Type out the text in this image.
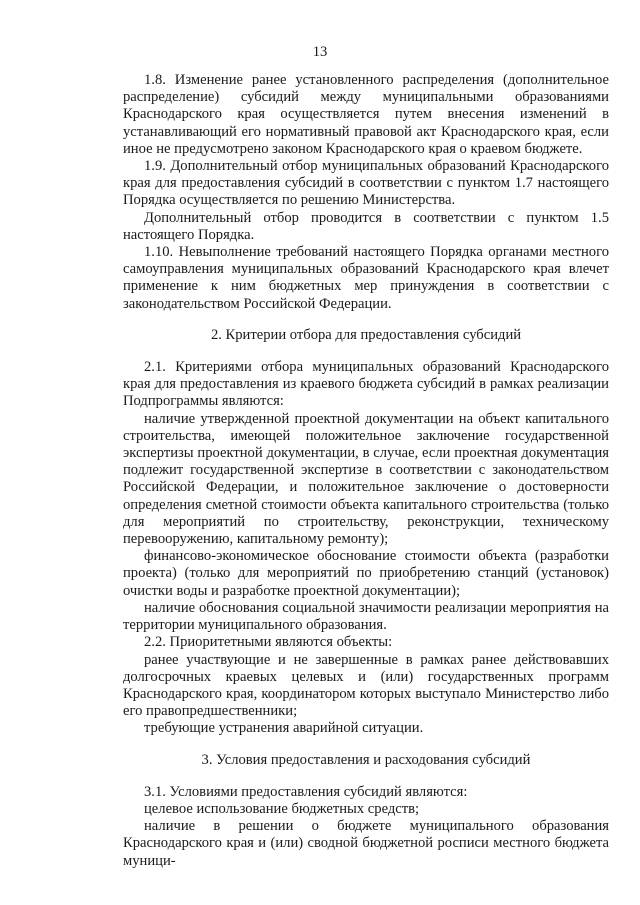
13

1.8. Изменение ранее установленного распределения (дополнительное распределение) субсидий между муниципальными образованиями Краснодарского края осуществляется путем внесения изменений в устанавливающий его нормативный правовой акт Краснодарского края, если иное не предусмотрено законом Краснодарского края о краевом бюджете.

1.9. Дополнительный отбор муниципальных образований Краснодарского края для предоставления субсидий в соответствии с пунктом 1.7 настоящего Порядка осуществляется по решению Министерства.

Дополнительный отбор проводится в соответствии с пунктом 1.5 настоящего Порядка.

1.10. Невыполнение требований настоящего Порядка органами местного самоуправления муниципальных образований Краснодарского края влечет применение к ним бюджетных мер принуждения в соответствии с законодательством Российской Федерации.

2. Критерии отбора для предоставления субсидий

2.1. Критериями отбора муниципальных образований Краснодарского края для предоставления из краевого бюджета субсидий в рамках реализации Подпрограммы являются:

наличие утвержденной проектной документации на объект капитального строительства, имеющей положительное заключение государственной экспертизы проектной документации, в случае, если проектная документация подлежит государственной экспертизе в соответствии с законодательством Российской Федерации, и положительное заключение о достоверности определения сметной стоимости объекта капитального строительства (только для мероприятий по строительству, реконструкции, техническому перевооружению, капитальному ремонту);

финансово-экономическое обоснование стоимости объекта (разработки проекта) (только для мероприятий по приобретению станций (установок) очистки воды и разработке проектной документации);

наличие обоснования социальной значимости реализации мероприятия на территории муниципального образования.

2.2. Приоритетными являются объекты:

ранее участвующие и не завершенные в рамках ранее действовавших долгосрочных краевых целевых и (или) государственных программ Краснодарского края, координатором которых выступало Министерство либо его правопредшественники;

требующие устранения аварийной ситуации.

3. Условия предоставления и расходования субсидий

3.1. Условиями предоставления субсидий являются:

целевое использование бюджетных средств;

наличие в решении о бюджете муниципального образования Краснодарского края и (или) сводной бюджетной росписи местного бюджета муници-
